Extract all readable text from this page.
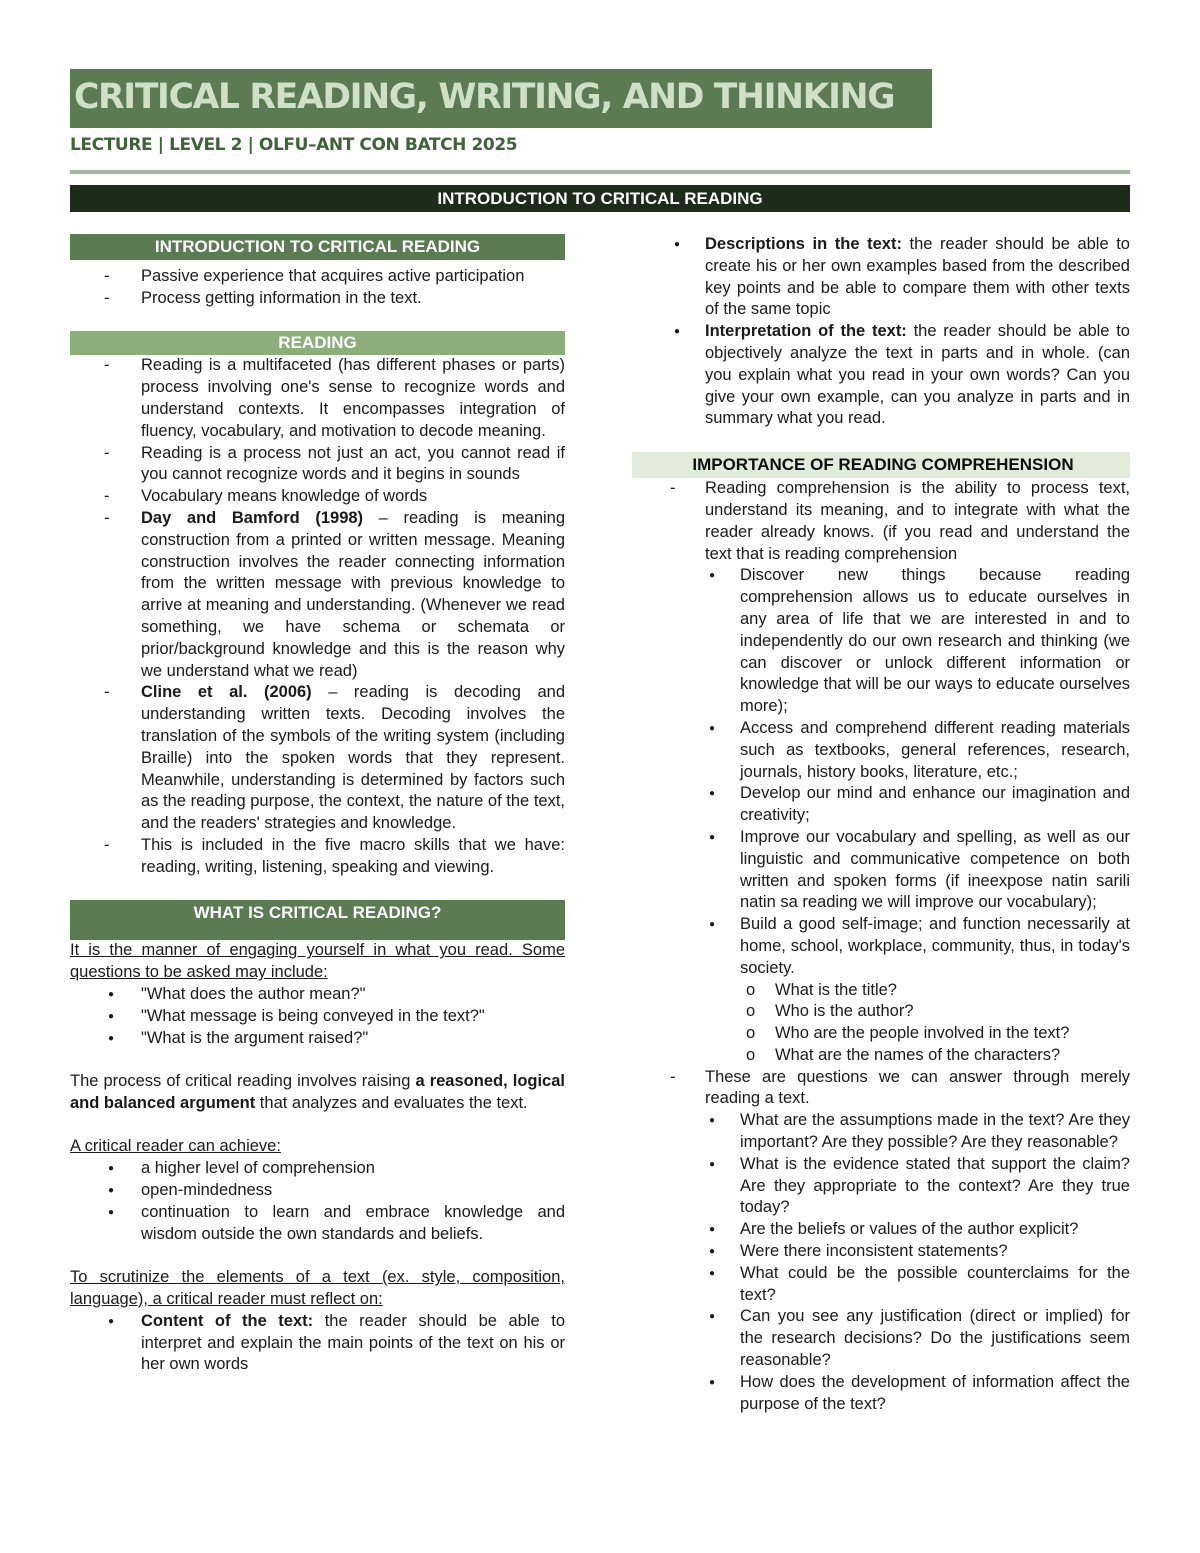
CRITICAL READING, WRITING, AND THINKING
LECTURE | LEVEL 2 | OLFU–ANT CON BATCH 2025
INTRODUCTION TO CRITICAL READING
INTRODUCTION TO CRITICAL READING
- Passive experience that acquires active participation
- Process getting information in the text.
READING
- Reading is a multifaceted (has different phases or parts) process involving one's sense to recognize words and understand contexts. It encompasses integration of fluency, vocabulary, and motivation to decode meaning.
- Reading is a process not just an act, you cannot read if you cannot recognize words and it begins in sounds
- Vocabulary means knowledge of words
- Day and Bamford (1998) – reading is meaning construction from a printed or written message. Meaning construction involves the reader connecting information from the written message with previous knowledge to arrive at meaning and understanding. (Whenever we read something, we have schema or schemata or prior/background knowledge and this is the reason why we understand what we read)
- Cline et al. (2006) – reading is decoding and understanding written texts. Decoding involves the translation of the symbols of the writing system (including Braille) into the spoken words that they represent. Meanwhile, understanding is determined by factors such as the reading purpose, the context, the nature of the text, and the readers' strategies and knowledge.
- This is included in the five macro skills that we have: reading, writing, listening, speaking and viewing.
WHAT IS CRITICAL READING?

It is the manner of engaging yourself in what you read. Some questions to be asked may include:

● "What does the author mean?"
● "What message is being conveyed in the text?"
● "What is the argument raised?"

The process of critical reading involves raising a reasoned, logical and balanced argument that analyzes and evaluates the text.

A critical reader can achieve:

● a higher level of comprehension
● open-mindedness
● continuation to learn and embrace knowledge and wisdom outside the own standards and beliefs.

To scrutinize the elements of a text (ex. style, composition, language), a critical reader must reflect on:

● Content of the text: the reader should be able to interpret and explain the main points of the text on his or her own words
● Descriptions in the text: the reader should be able to create his or her own examples based from the described key points and be able to compare them with other texts of the same topic
● Interpretation of the text: the reader should be able to objectively analyze the text in parts and in whole. (can you explain what you read in your own words? Can you give your own example, can you analyze in parts and in summary what you read.
IMPORTANCE OF READING COMPREHENSION
- Reading comprehension is the ability to process text, understand its meaning, and to integrate with what the reader already knows. (if you read and understand the text that is reading comprehension
● Discover new things because reading comprehension allows us to educate ourselves in any area of life that we are interested in and to independently do our own research and thinking (we can discover or unlock different information or knowledge that will be our ways to educate ourselves more);
● Access and comprehend different reading materials such as textbooks, general references, research, journals, history books, literature, etc.;
● Develop our mind and enhance our imagination and creativity;
● Improve our vocabulary and spelling, as well as our linguistic and communicative competence on both written and spoken forms (if ineexpose natin sarili natin sa reading we will improve our vocabulary);
● Build a good self-image; and function necessarily at home, school, workplace, community, thus, in today's society.
o What is the title?
o Who is the author?
o Who are the people involved in the text?
o What are the names of the characters?
- These are questions we can answer through merely reading a text.
● What are the assumptions made in the text? Are they important? Are they possible? Are they reasonable?
● What is the evidence stated that support the claim? Are they appropriate to the context? Are they true today?
● Are the beliefs or values of the author explicit?
● Were there inconsistent statements?
● What could be the possible counterclaims for the text?
● Can you see any justification (direct or implied) for the research decisions? Do the justifications seem reasonable?
● How does the development of information affect the purpose of the text?
